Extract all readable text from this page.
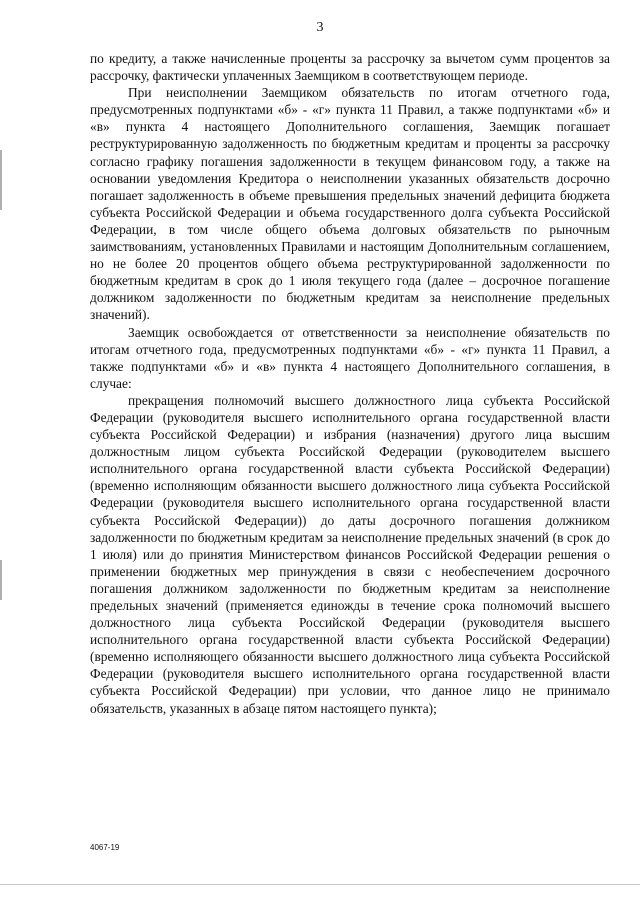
3

по кредиту, а также начисленные проценты за рассрочку за вычетом сумм процентов за рассрочку, фактически уплаченных Заемщиком в соответствующем периоде.

При неисполнении Заемщиком обязательств по итогам отчетного года, предусмотренных подпунктами «б» - «г» пункта 11 Правил, а также подпунктами «б» и «в» пункта 4 настоящего Дополнительного соглашения, Заемщик погашает реструктурированную задолженность по бюджетным кредитам и проценты за рассрочку согласно графику погашения задолженности в текущем финансовом году, а также на основании уведомления Кредитора о неисполнении указанных обязательств досрочно погашает задолженность в объеме превышения предельных значений дефицита бюджета субъекта Российской Федерации и объема государственного долга субъекта Российской Федерации, в том числе общего объема долговых обязательств по рыночным заимствованиям, установленных Правилами и настоящим Дополнительным соглашением, но не более 20 процентов общего объема реструктурированной задолженности по бюджетным кредитам в срок до 1 июля текущего года (далее – досрочное погашение должником задолженности по бюджетным кредитам за неисполнение предельных значений).

Заемщик освобождается от ответственности за неисполнение обязательств по итогам отчетного года, предусмотренных подпунктами «б» - «г» пункта 11 Правил, а также подпунктами «б» и «в» пункта 4 настоящего Дополнительного соглашения, в случае:

прекращения полномочий высшего должностного лица субъекта Российской Федерации (руководителя высшего исполнительного органа государственной власти субъекта Российской Федерации) и избрания (назначения) другого лица высшим должностным лицом субъекта Российской Федерации (руководителем высшего исполнительного органа государственной власти субъекта Российской Федерации) (временно исполняющим обязанности высшего должностного лица субъекта Российской Федерации (руководителя высшего исполнительного органа государственной власти субъекта Российской Федерации)) до даты досрочного погашения должником задолженности по бюджетным кредитам за неисполнение предельных значений (в срок до 1 июля) или до принятия Министерством финансов Российской Федерации решения о применении бюджетных мер принуждения в связи с необеспечением досрочного погашения должником задолженности по бюджетным кредитам за неисполнение предельных значений (применяется единожды в течение срока полномочий высшего должностного лица субъекта Российской Федерации (руководителя высшего исполнительного органа государственной власти субъекта Российской Федерации) (временно исполняющего обязанности высшего должностного лица субъекта Российской Федерации (руководителя высшего исполнительного органа государственной власти субъекта Российской Федерации) при условии, что данное лицо не принимало обязательств, указанных в абзаце пятом настоящего пункта);

4067-19
